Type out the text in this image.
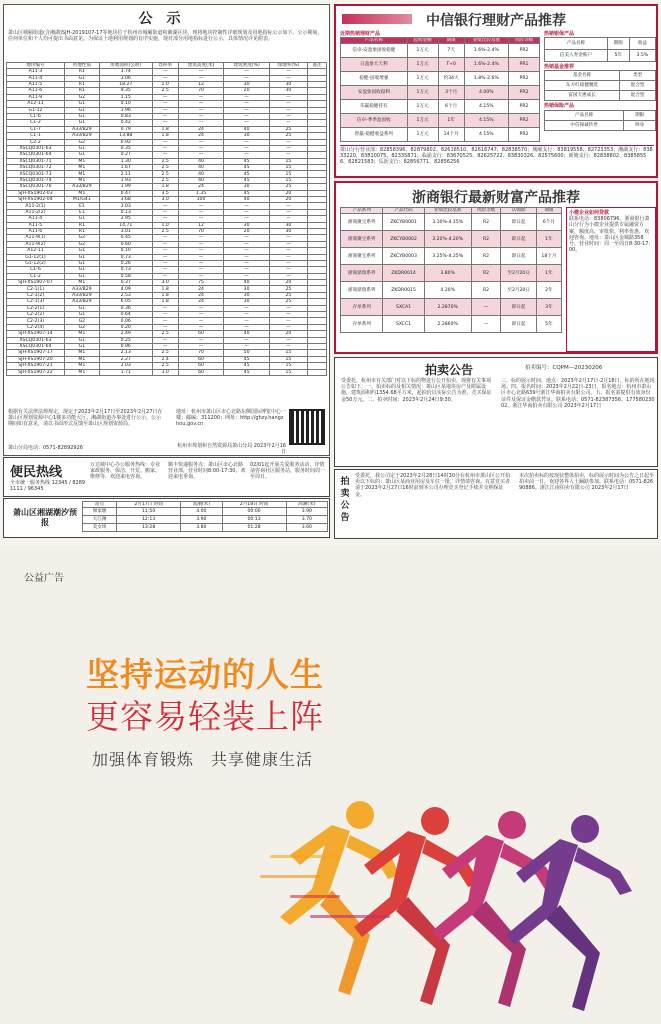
公示
萧山区城厢街道(含湘湖)SJH-2019107-17等地块位于杭州市城厢街道和湘湖区块，现将地块控制性详细规划及用地指标公示如下。公示期间，任何单位和个人均可提出书面意见。为保证土地利用规划的有序实施，现对部分用地指标进行公示，具体情况详见附表。
地块编号	用地性质	用地面积(公顷)	容积率	建筑高度(米)	建筑密度(%)	绿地率(%)	备注
A11-3	R1	3.74	—	—	—	—	
A11-4	G1	3.06	—	—	—	—	
A11-5	R1	18.27	1.0	12	30	30	
A11-6	R1	9.35	2.5	70	20	30	
A11-9	G2	1.15	—	—	—	—	
A12-11	G1	0.10	—	—	—	—	
G1-12	G1	1.96	—	—	—	—	
C1-6	G1	0.83	—	—	—	—	
C1-2	G1	0.42	—	—	—	—	
C1-7	A33/B29	0.79	1.8	24	40	25	
C1-1	A33/B29	13.88	1.8	24	30	25	
C2-2	G2	0.92	—	—	—	—	
XSCQ0301-63	G1	0.35	—	—	—	—	
XSCQ0301-64	G1	0.27	—	—	—	—	
XSCQ0301-71	M1	1.30	2.5	40	45	15	
XSCQ0301-72	M1	1.67	2.5	40	45	15	
XSCQ0301-73	M1	2.11	2.5	40	45	15	
XSCQ0301-74	M1	1.93	2.5	40	45	15	
XSCQ0301-76	A33/B29	1.99	1.8	24	30	25	
SJH-XS1902-03	M1	0.47	3.5	1.35	45	20	
SJH-XS1902-04	M1/G41	3.68	3.0	100	40	20	
A11-2(1)	E1	3.03	—	—	—	—	
A11-2(2)	E1	0.13	—	—	—	—	
A11-4	G1	2.95	—	—	—	—	
A11-5	R1	14.71	1.0	12	30	30	
A11-6	R1	3.01	2.5	70	20	30	
A11-9(1)	G2	0.45	—	—	—	—	
A11-9(2)	G2	0.60	—	—	—	—	
A12-11	G1	0.10	—	—	—	—	
G1-12(1)	G1	0.73	—	—	—	—	
G1-12(2)	G1	0.26	—	—	—	—	
C1-6	G1	0.73	—	—	—	—	
C1-2	G1	0.58	—	—	—	—	
SJH-XS1907-07	M1	0.37	3.0	75	40	20	
C2-1(1)	A33/B29	4.09	1.8	24	30	25	
C2-1(2)	A33/B29	2.53	1.8	24	30	25	
C2-1(3)	A33/B29	6.05	1.8	24	30	25	
C2-2(1)	G1	0.36	—	—	—	—	
C2-2(2)	G1	0.64	—	—	—	—	
C2-2(3)	G2	0.06	—	—	—	—	
C2-2(4)	G2	0.20	—	—	—	—	
SJH-XS1907-14	M1	2.49	2.5	60	40	20	
XSCQ0301-63	G1	0.25	—	—	—	—	
XSCQ0301-64	G1	0.96	—	—	—	—	
SJH-XS1907-17	M1	2.13	2.5	70	50	15	
SJH-XS1907-20	M1	2.27	2.4	60	45	15	
SJH-XS1907-21	M1	2.03	2.5	60	45	15	
SJH-XS1907-22	M1	1.71	3.0	60	45	15	
根据有关法律法规规定，现定于2023年2月17日至2023年2月27日在萧山区规划资源中心1楼多功能大厅、湘湖街道办事处进行公示，公示期间如有意见，请以书面形式反馈至萧山区规划资源局。
萧山分局电话：0571-82892926
地址：杭州市萧山区市心北路东侧国际博览中心一楼；邮编：311200；网址：http://ghzy.hangzhou.gov.cn
杭州市规划和自然资源局萧山分局 2023年2月16日
便民热线
全市统一服务热线 12345 / 82891111 / 96345
万达城中心办公服务热线：专业家政服务、保洁、开荒、搬家、维修等，欢迎来电咨询。
顺丰快递服务点：萧山区市心北路营业部，营业时间8:00-17:30，欢迎来电垂询。
02/01起开展关爱服务活动，详情请咨询社区服务站，服务时间周一至周日。
萧山区湘湖潮汐预报
站点	2月17日 时间	高潮(米)	2月18日 时间	高潮(米)
闻家堰	11:50	4.00	00:00	3.90
大江闸	12:13	3.90	00:13	3.70
美女坝	13:28	3.80	01:28	3.60
中信银行理财产品推荐
近期热销理财产品
产品名称	起购金额	期限	业绩比较基准	风险等级
信卓-安盈象固收稳健	1万元	7天	1.6%-2.4%	PR2
日盈象天天利	1万元	T+0	1.6%-2.4%	PR1
稳健-固收增强	1万元	约34天	1.8%-2.6%	PR2
安盈象固收稳利	1万元	3个月	4.00%	PR2
乐赢稳健持有	1万元	6个月	4.15%	PR2
信卓-季季盈固收	1万元	1年	4.15%	PR2
智赢-稳健收益系列	1万元	14个月	4.15%	PR2
热销银保产品
产品名称	期限	收益
信美人寿金账户	5年	3.5%
热销基金推荐
基金名称	类型
东方红稳健精选	混合型
富国天惠成长	混合型
热销保险产品
产品名称	期限
中信保诚传世	终身
萧山分行营业部：82858396、82879802、82618510、82616747、82838570；城厢支行：83819558、82723353；湘湖支行：83833220、83810075、82335871；临浦支行：83670525、82625722、83830326、82575600；新塘支行：82838802、83858556、82821583；瓜沥支行：82856771、82856256
浙商银行最新财富产品推荐
产品系列	产品代码	业绩比较基准	风险等级	认购期	期限
浙商聚宝系列	ZKCYB0001	3.10%-4.15%	R2	即日起	6个月
浙商聚宝系列	ZKCYB0002	3.20%-4.20%	R2	即日起	1年
浙商聚宝系列	ZKCYB0003	3.25%-4.25%	R2	即日起	18个月
浙商鼎瑞系列	ZKDR0014	3.80%	R2	至2月20日	1年
浙商鼎瑞系列	ZKDR0015	4.20%	R2	至2月20日	2年
存单系列	SXCA1	2.2870%	—	即日起	3年
存单系列	SXCC1	2.2860%	—	即日起	5年
小微企业如何贷款
联系电话：83806796。浙商银行萧山分行为小微企业提供专属融资方案，额度高、审批快、利率优惠，欢迎咨询。地址：萧山区金城路358号，营业时间：周一至周日8:30-17:00。
拍卖公告	拍卖编号：CQPM—20230206
受委托，杭州市有关部门对以下标的物进行公开拍卖，现将有关事项公告如下：一、拍卖标的及相关情况：萧山区某地块房产及附属设施，建筑面积约1354.68平方米，起拍价以实际公告为准，竞买保证金50万元。二、拍卖时间：2023年2月24日9:30。
三、标的展示时间、地点：2023年2月17日-2月18日，标的所在地现场。四、报名时间：2023年2月22日-23日，报名地点：杭州市萧山区市心北路639号浙江华商拍卖有限公司。五、报名需提供有效身份证件及保证金缴款凭证。联系电话：0571-82387356、17758023002。浙江华商拍卖有限公司 2023年2月17日
拍卖公告
受委托，我公司定于2023年2月28日14时30分在杭州市萧山区公开拍卖以下标的：萧山区某商业用房及车位一批，详情请咨询。有意竞买者请于2023年2月27日16时前到本公司办理竞买登记手续并交纳保证金。
本次拍卖标的按现状整体拍卖，标的展示时间为公告之日起至拍卖前一日，欢迎各界人士踊跃参加。联系电话：0571-82690886。浙江江南拍卖有限公司 2023年2月17日
公益广告
坚持运动的人生
更容易轻装上阵
加强体育锻炼　共享健康生活
